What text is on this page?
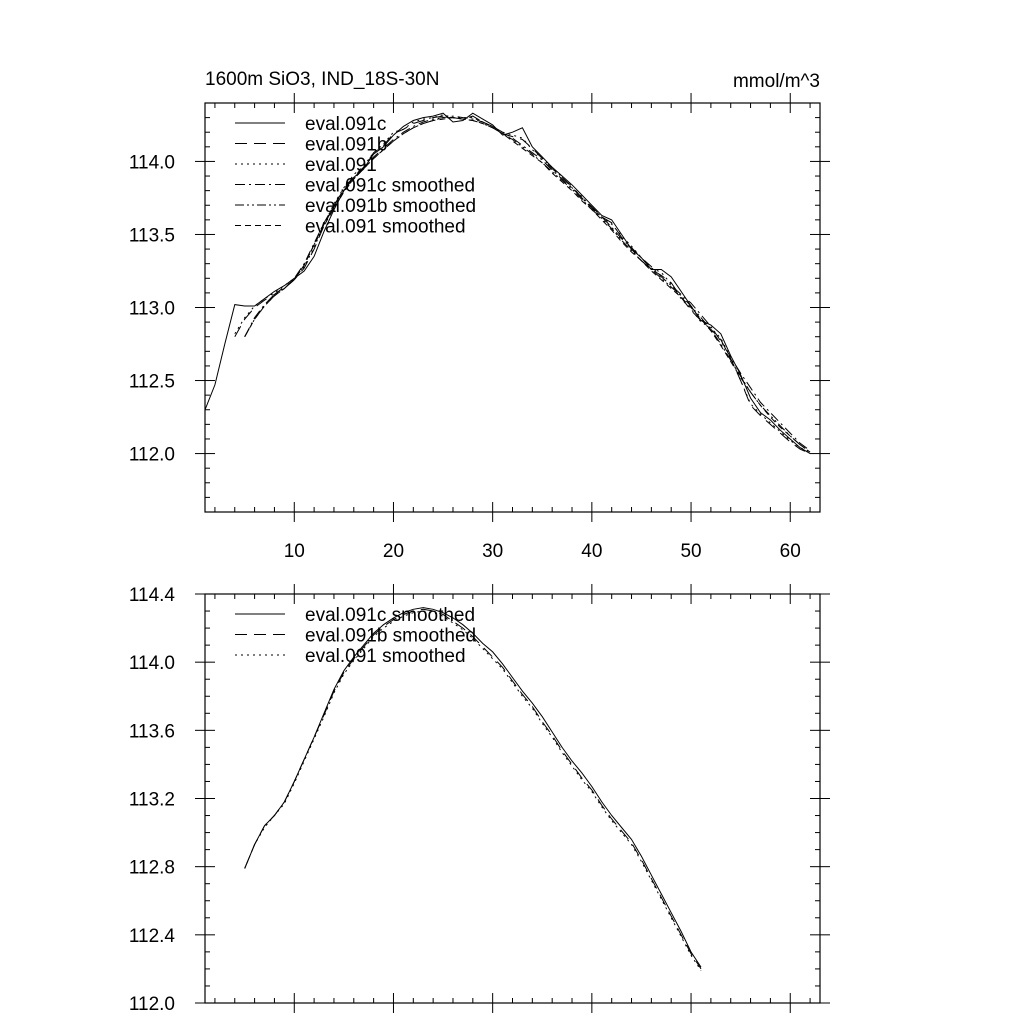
10	20	30	40	50	60
112.0
112.5
113.0
113.5
114.0
1600m SiO3, IND_18S-30N	mmol/m^3
eval.091c
eval.091b
eval.091
eval.091c smoothed
eval.091b smoothed
eval.091 smoothed
112.0
112.4
112.8
113.2
113.6
114.0
114.4
eval.091c smoothed
eval.091b smoothed
eval.091 smoothed
